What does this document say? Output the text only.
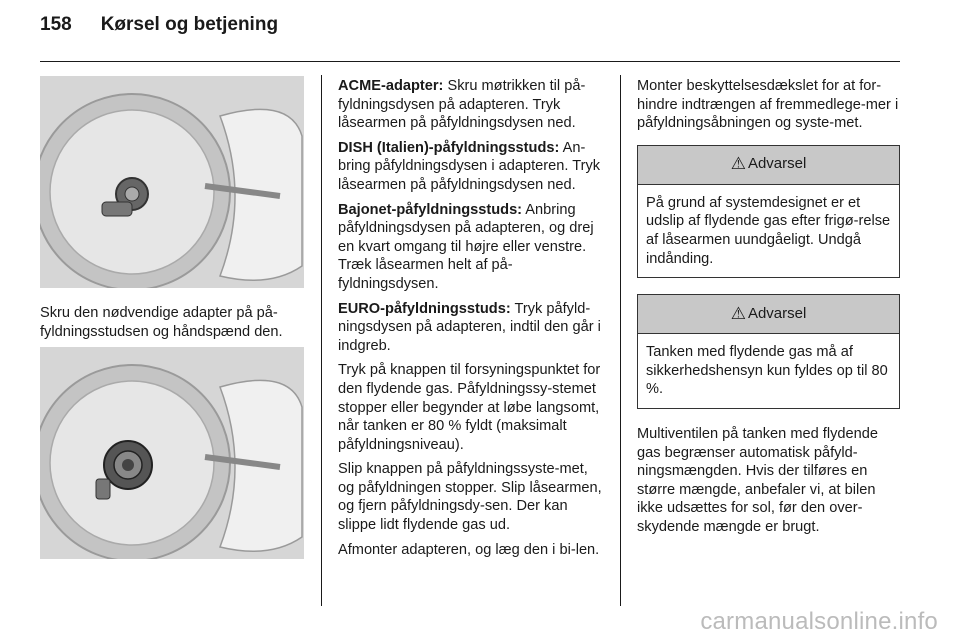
158 Kørsel og betjening
Skru den nødvendige adapter på på-fyldningsstudsen og håndspænd den.

ACME-adapter: Skru møtrikken til på-fyldningsdysen på adapteren. Tryk låsearmen på påfyldningsdysen ned.

DISH (Italien)-påfyldningsstuds: An-bring påfyldningsdysen i adapteren. Tryk låsearmen på påfyldningsdysen ned.

Bajonet-påfyldningsstuds: Anbring påfyldningsdysen på adapteren, og drej en kvart omgang til højre eller venstre. Træk låsearmen helt af på-fyldningsdysen.

EURO-påfyldningsstuds: Tryk påfyld-ningsdysen på adapteren, indtil den går i indgreb.

Tryk på knappen til forsyningspunktet for den flydende gas. Påfyldningssy-stemet stopper eller begynder at løbe langsomt, når tanken er 80 % fyldt (maksimalt påfyldningsniveau).

Slip knappen på påfyldningssyste-met, og påfyldningen stopper. Slip låsearmen, og fjern påfyldningsdy-sen. Der kan slippe lidt flydende gas ud.

Afmonter adapteren, og læg den i bi-len.

Monter beskyttelsesdækslet for at for-hindre indtrængen af fremmedlege-mer i påfyldningsåbningen og syste-met.

⚠ Advarsel
På grund af systemdesignet er et udslip af flydende gas efter frigø-relse af låsearmen uundgåeligt. Undgå indånding.
⚠ Advarsel
Tanken med flydende gas må af sikkerhedshensyn kun fyldes op til 80 %.

Multiventilen på tanken med flydende gas begrænser automatisk påfyld-ningsmængden. Hvis der tilføres en større mængde, anbefaler vi, at bilen ikke udsættes for sol, før den over-skydende mængde er brugt.

carmanualsonline.info
